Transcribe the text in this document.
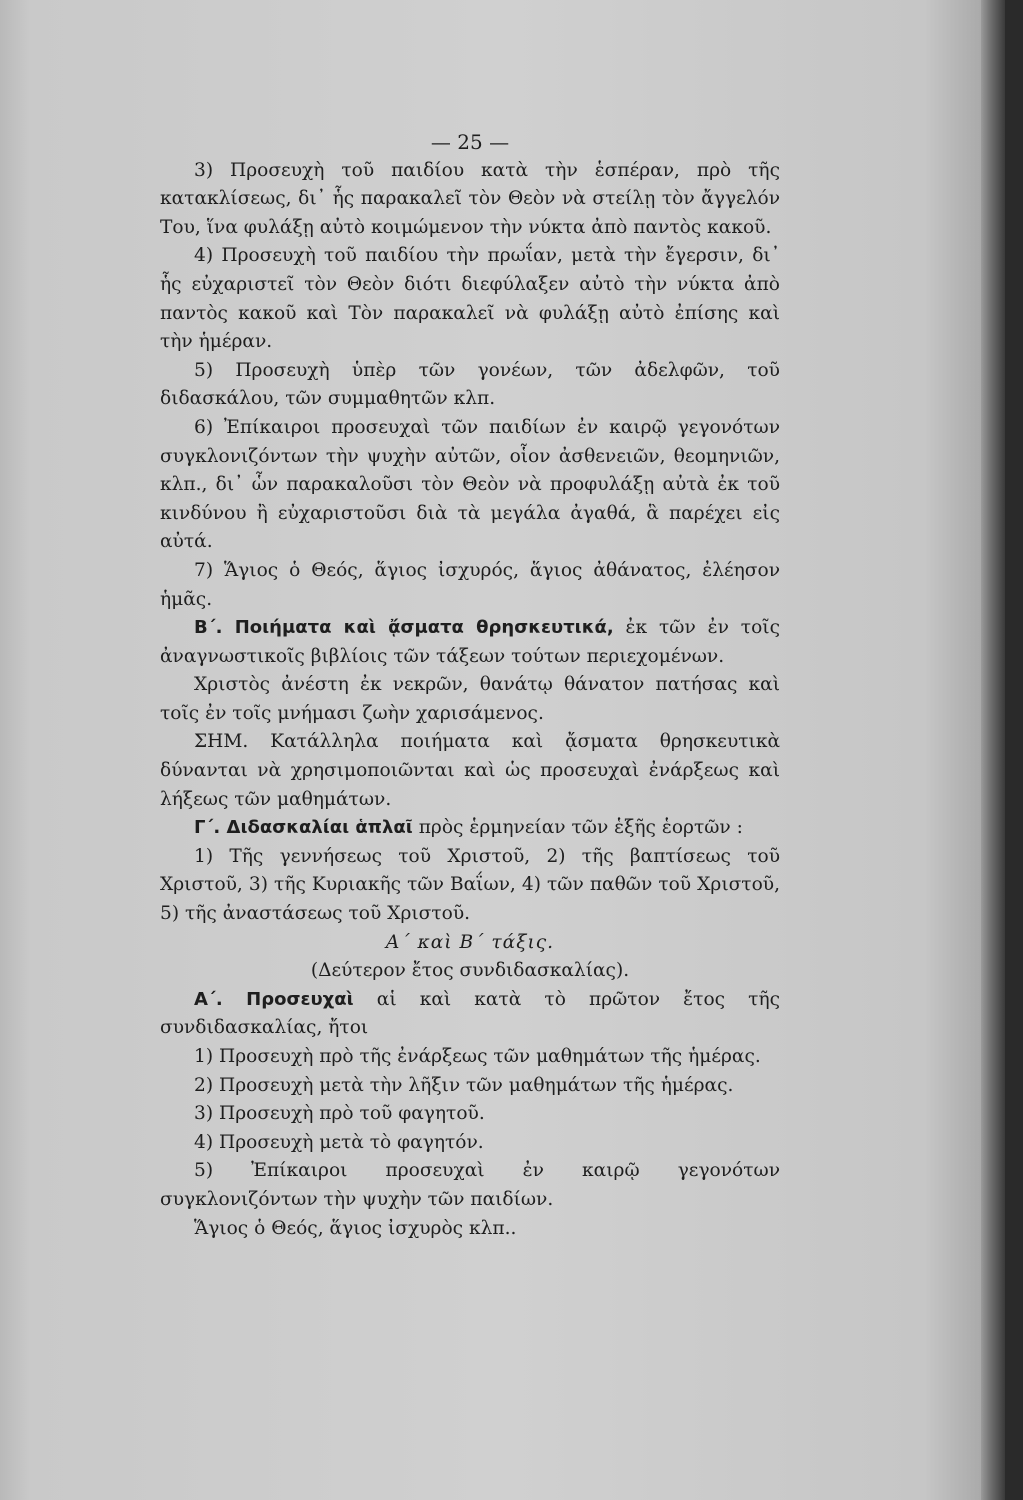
— 25 —

3) Προσευχὴ τοῦ παιδίου κατὰ τὴν ἑσπέραν, πρὸ τῆς κατακλίσεως, δι᾽ ἧς παρακαλεῖ τὸν Θεὸν νὰ στείλῃ τὸν ἄγγελόν Του, ἵνα φυλάξῃ αὐτὸ κοιμώμενον τὴν νύκτα ἀπὸ παντὸς κακοῦ.

4) Προσευχὴ τοῦ παιδίου τὴν πρωΐαν, μετὰ τὴν ἔγερσιν, δι᾽ ἧς εὐχαριστεῖ τὸν Θεὸν διότι διεφύλαξεν αὐτὸ τὴν νύκτα ἀπὸ παντὸς κακοῦ καὶ Τὸν παρακαλεῖ νὰ φυλάξῃ αὐτὸ ἐπίσης καὶ τὴν ἡμέραν.

5) Προσευχὴ ὑπὲρ τῶν γονέων, τῶν ἀδελφῶν, τοῦ διδασκάλου, τῶν συμμαθητῶν κλπ.

6) Ἐπίκαιροι προσευχαὶ τῶν παιδίων ἐν καιρῷ γεγονότων συγκλονιζόντων τὴν ψυχὴν αὐτῶν, οἷον ἀσθενειῶν, θεομηνιῶν, κλπ., δι᾽ ὧν παρακαλοῦσι τὸν Θεὸν νὰ προφυλάξῃ αὐτὰ ἐκ τοῦ κινδύνου ἢ εὐχαριστοῦσι διὰ τὰ μεγάλα ἀγαθά, ἃ παρέχει εἰς αὐτά.

7) Ἅγιος ὁ Θεός, ἅγιος ἰσχυρός, ἅγιος ἀθάνατος, ἐλέησον ἡμᾶς.

Β΄. Ποιήματα καὶ ᾄσματα θρησκευτικά, ἐκ τῶν ἐν τοῖς ἀναγνωστικοῖς βιβλίοις τῶν τάξεων τούτων περιεχομένων.

Χριστὸς ἀνέστη ἐκ νεκρῶν, θανάτῳ θάνατον πατήσας καὶ τοῖς ἐν τοῖς μνήμασι ζωὴν χαρισάμενος.

ΣΗΜ. Κατάλληλα ποιήματα καὶ ᾄσματα θρησκευτικὰ δύνανται νὰ χρησιμοποιῶνται καὶ ὡς προσευχαὶ ἐνάρξεως καὶ λήξεως τῶν μαθημάτων.

Γ΄. Διδασκαλίαι ἁπλαῖ πρὸς ἑρμηνείαν τῶν ἑξῆς ἑορτῶν :

1) Τῆς γεννήσεως τοῦ Χριστοῦ, 2) τῆς βαπτίσεως τοῦ Χριστοῦ, 3) τῆς Κυριακῆς τῶν Βαΐων, 4) τῶν παθῶν τοῦ Χριστοῦ, 5) τῆς ἀναστάσεως τοῦ Χριστοῦ.

Α΄ καὶ Β΄ τάξις.

(Δεύτερον ἔτος συνδιδασκαλίας).

Α΄. Προσευχαὶ αἱ καὶ κατὰ τὸ πρῶτον ἔτος τῆς συνδιδασκαλίας, ἤτοι

1) Προσευχὴ πρὸ τῆς ἐνάρξεως τῶν μαθημάτων τῆς ἡμέρας.

2) Προσευχὴ μετὰ τὴν λῆξιν τῶν μαθημάτων τῆς ἡμέρας.

3) Προσευχὴ πρὸ τοῦ φαγητοῦ.

4) Προσευχὴ μετὰ τὸ φαγητόν.

5) Ἐπίκαιροι προσευχαὶ ἐν καιρῷ γεγονότων συγκλονιζόντων τὴν ψυχὴν τῶν παιδίων.

Ἅγιος ὁ Θεός, ἅγιος ἰσχυρὸς κλπ..
